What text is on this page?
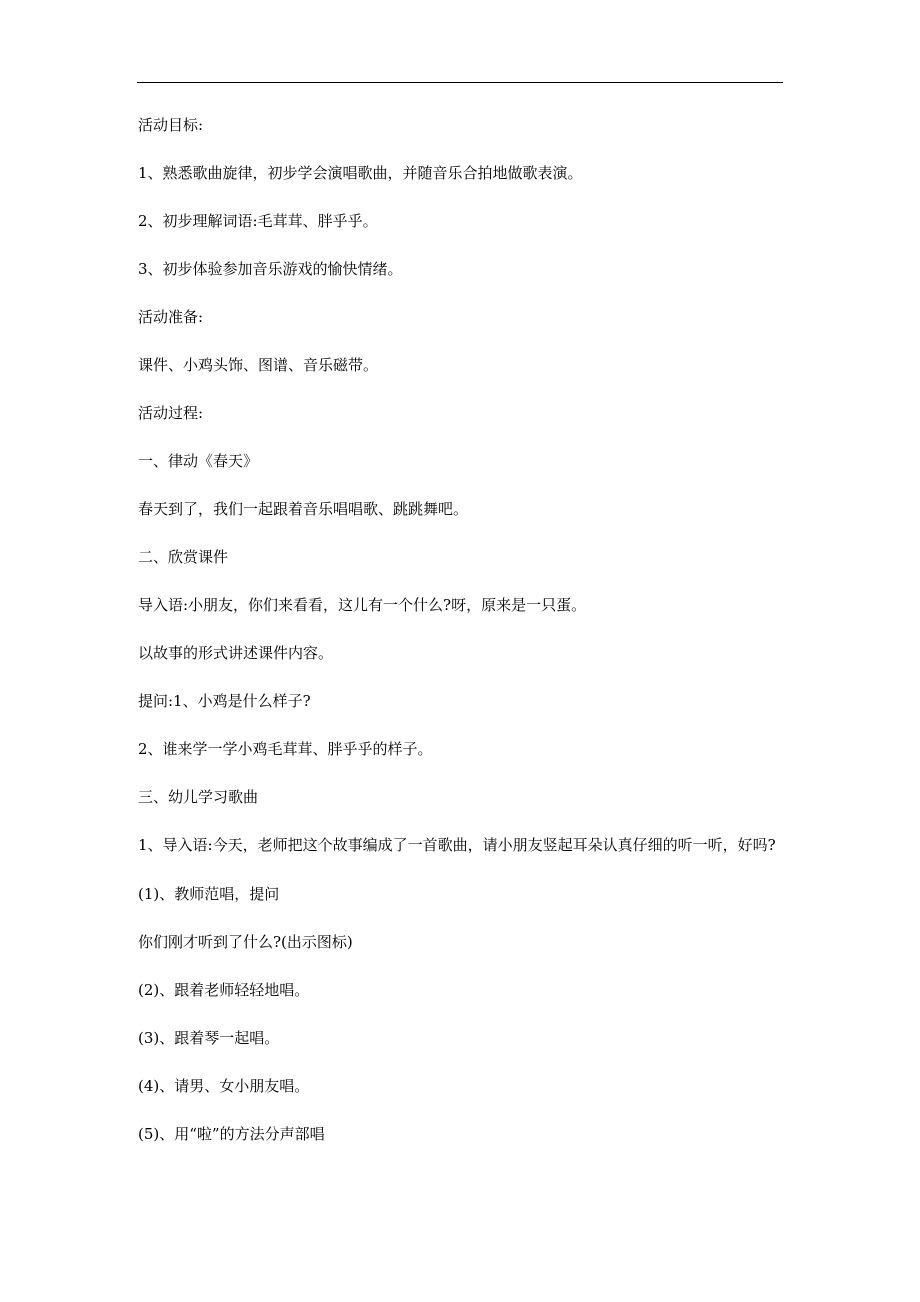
活动目标:

1、熟悉歌曲旋律，初步学会演唱歌曲，并随音乐合拍地做歌表演。

2、初步理解词语:毛茸茸、胖乎乎。

3、初步体验参加音乐游戏的愉快情绪。

活动准备:

课件、小鸡头饰、图谱、音乐磁带。

活动过程:

一、律动《春天》

春天到了，我们一起跟着音乐唱唱歌、跳跳舞吧。

二、欣赏课件

导入语:小朋友，你们来看看，这儿有一个什么?呀，原来是一只蛋。

以故事的形式讲述课件内容。

提问:1、小鸡是什么样子?

2、谁来学一学小鸡毛茸茸、胖乎乎的样子。

三、幼儿学习歌曲

1、导入语:今天，老师把这个故事编成了一首歌曲，请小朋友竖起耳朵认真仔细的听一听，好吗?

(1)、教师范唱，提问

你们刚才听到了什么?(出示图标)

(2)、跟着老师轻轻地唱。

(3)、跟着琴一起唱。

(4)、请男、女小朋友唱。

(5)、用“啦”的方法分声部唱
